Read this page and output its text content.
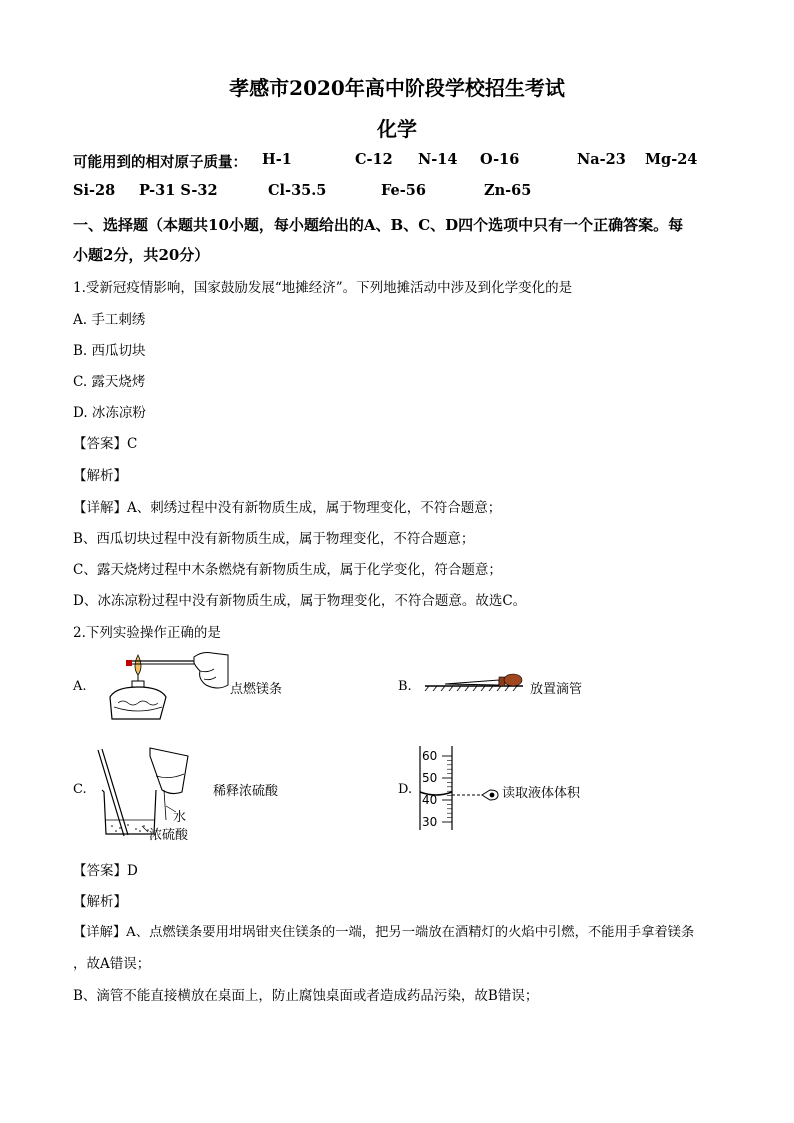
孝感市2020年高中阶段学校招生考试
化学
可能用到的相对原子质量： H-1	C-12 N-14 O-16	Na-23 Mg-24
Si-28 P-31 S-32	Cl-35.5	Fe-56	Zn-65
一、选择题（本题共10小题，每小题给出的A、B、C、D四个选项中只有一个正确答案。每
小题2分，共20分）
1.受新冠疫情影响，国家鼓励发展“地摊经济”。下列地摊活动中涉及到化学变化的是
A. 手工刺绣
B. 西瓜切块
C. 露天烧烤
D. 冰冻凉粉
【答案】C
【解析】
【详解】A、刺绣过程中没有新物质生成，属于物理变化，不符合题意；
B、西瓜切块过程中没有新物质生成，属于物理变化，不符合题意；
C、露天烧烤过程中木条燃烧有新物质生成，属于化学变化，符合题意；
D、冰冻凉粉过程中没有新物质生成，属于物理变化，不符合题意。故选C。
2.下列实验操作正确的是
A.	点燃镁条	B.	放置滴管
C.	稀释浓硫酸
水
浓硫酸
D.
60
50
40
30
读取液体体积
【答案】D
【解析】
【详解】A、点燃镁条要用坩埚钳夹住镁条的一端，把另一端放在酒精灯的火焰中引燃，不能用手拿着镁条
，故A错误；
B、滴管不能直接横放在桌面上，防止腐蚀桌面或者造成药品污染，故B错误；
